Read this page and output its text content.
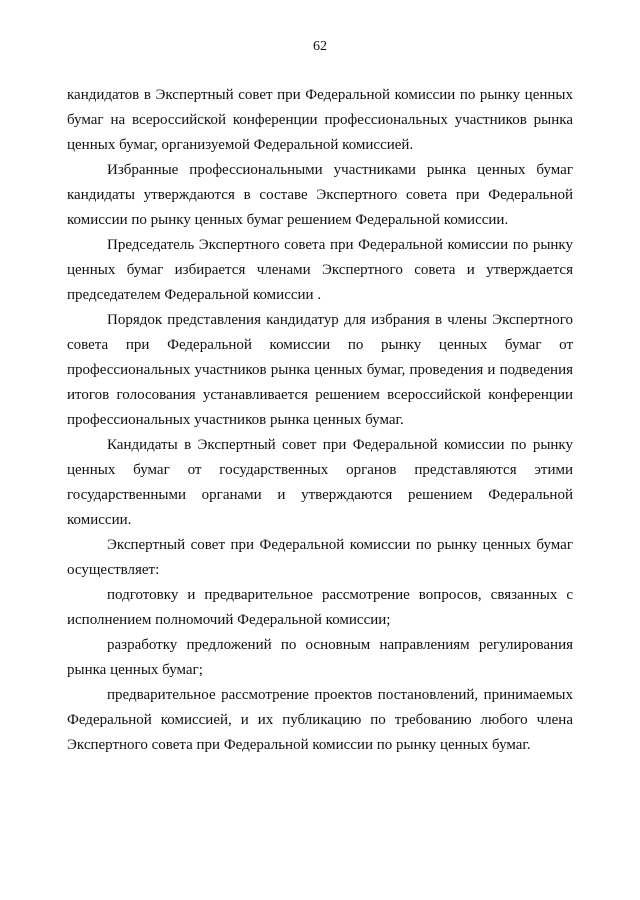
62

кандидатов в Экспертный совет при Федеральной комиссии по рынку ценных бумаг на всероссийской конференции профессиональных участников рынка ценных бумаг, организуемой Федеральной комиссией.

Избранные профессиональными участниками рынка ценных бумаг кандидаты утверждаются в составе Экспертного совета при Федеральной комиссии по рынку ценных бумаг решением Федеральной комиссии.

Председатель Экспертного совета при Федеральной комиссии по рынку ценных бумаг избирается членами Экспертного совета и утверждается председателем Федеральной комиссии .

Порядок представления кандидатур для избрания в члены Экспертного совета при Федеральной комиссии по рынку ценных бумаг от профессиональных участников рынка ценных бумаг, проведения и подведения итогов голосования устанавливается решением всероссийской конференции профессиональных участников рынка ценных бумаг.

Кандидаты в Экспертный совет при Федеральной комиссии по рынку ценных бумаг от государственных органов представляются этими государственными органами и утверждаются решением Федеральной комиссии.

Экспертный совет при Федеральной комиссии по рынку ценных бумаг осуществляет:

подготовку и предварительное рассмотрение вопросов, связанных с исполнением полномочий Федеральной комиссии;

разработку предложений по основным направлениям регулирования рынка ценных бумаг;

предварительное рассмотрение проектов постановлений, принимаемых Федеральной комиссией, и их публикацию по требованию любого члена Экспертного совета при Федеральной комиссии по рынку ценных бумаг.
